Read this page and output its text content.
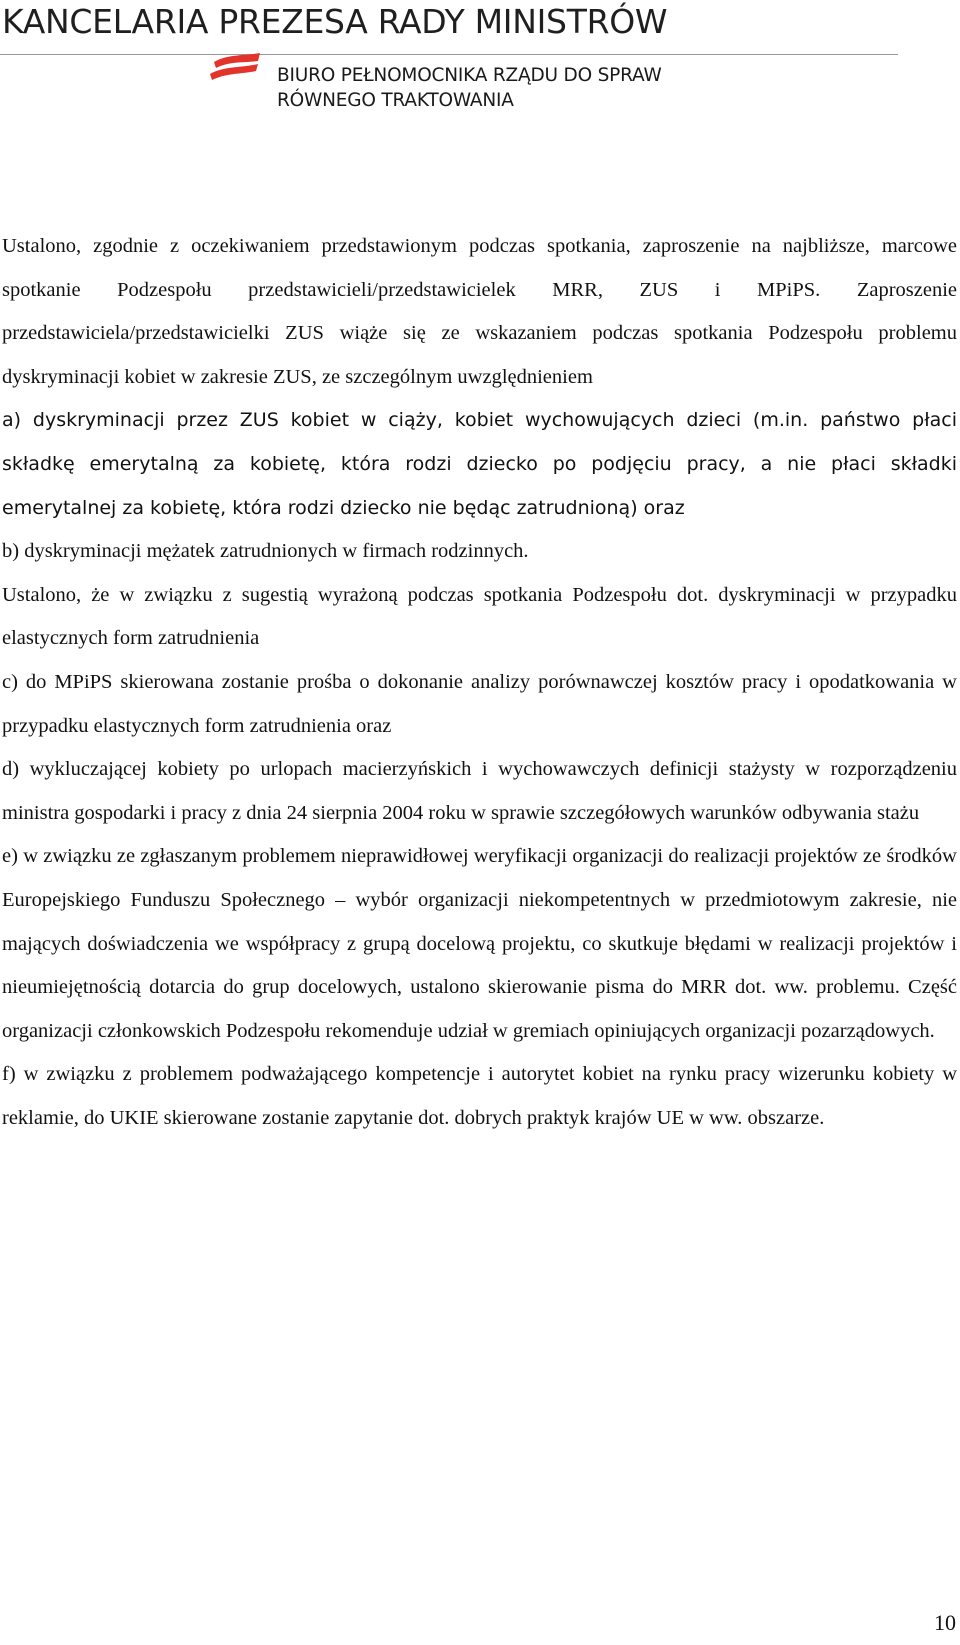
KANCELARIA PREZESA RADY MINISTRÓW
BIURO PEŁNOMOCNIKA RZĄDU DO SPRAW
RÓWNEGO TRAKTOWANIA

Ustalono, zgodnie z oczekiwaniem przedstawionym podczas spotkania, zaproszenie na najbliższe, marcowe spotkanie Podzespołu przedstawicieli/przedstawicielek MRR, ZUS i MPiPS. Zaproszenie przedstawiciela/przedstawicielki ZUS wiąże się ze wskazaniem podczas spotkania Podzespołu problemu dyskryminacji kobiet w zakresie ZUS, ze szczególnym uwzględnieniem

a) dyskryminacji przez ZUS kobiet w ciąży, kobiet wychowujących dzieci (m.in. państwo płaci składkę emerytalną za kobietę, która rodzi dziecko po podjęciu pracy, a nie płaci składki emerytalnej za kobietę, która rodzi dziecko nie będąc zatrudnioną) oraz

b) dyskryminacji mężatek zatrudnionych w firmach rodzinnych.

Ustalono, że w związku z sugestią wyrażoną podczas spotkania Podzespołu dot. dyskryminacji w przypadku elastycznych form zatrudnienia

c) do MPiPS skierowana zostanie prośba o dokonanie analizy porównawczej kosztów pracy i opodatkowania w przypadku elastycznych form zatrudnienia oraz

d) wykluczającej kobiety po urlopach macierzyńskich i wychowawczych definicji stażysty w rozporządzeniu ministra gospodarki i pracy z dnia 24 sierpnia 2004 roku w sprawie szczegółowych warunków odbywania stażu

e) w związku ze zgłaszanym problemem nieprawidłowej weryfikacji organizacji do realizacji projektów ze środków Europejskiego Funduszu Społecznego – wybór organizacji niekompetentnych w przedmiotowym zakresie, nie mających doświadczenia we współpracy z grupą docelową projektu, co skutkuje błędami w realizacji projektów i nieumiejętnością dotarcia do grup docelowych, ustalono skierowanie pisma do MRR dot. ww. problemu. Część organizacji członkowskich Podzespołu rekomenduje udział w gremiach opiniujących organizacji pozarządowych.

f) w związku z problemem podważającego kompetencje i autorytet kobiet na rynku pracy wizerunku kobiety w reklamie, do UKIE skierowane zostanie zapytanie dot. dobrych praktyk krajów UE w ww. obszarze.

10
